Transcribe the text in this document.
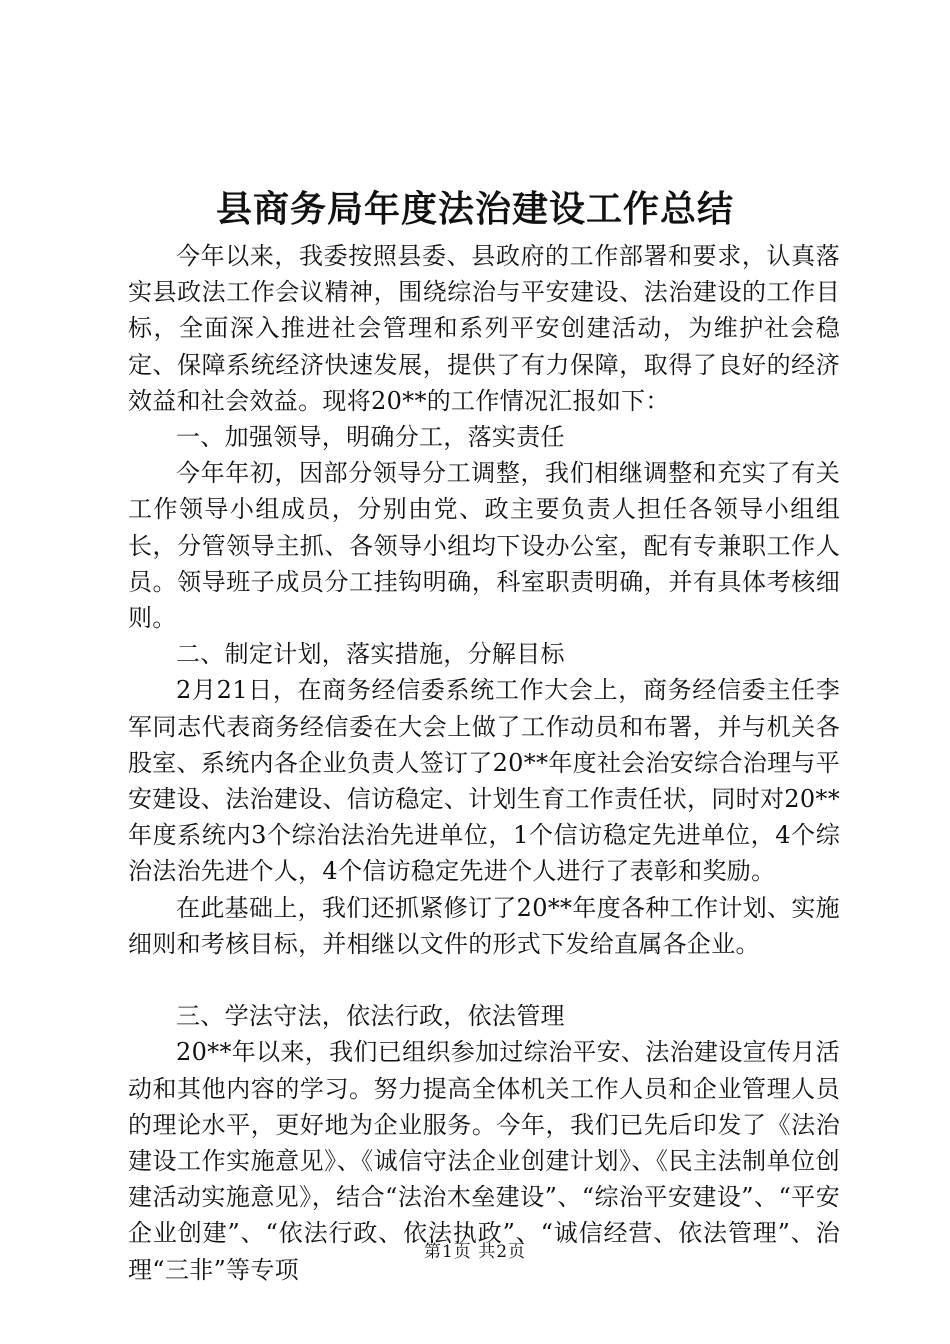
县商务局年度法治建设工作总结

今年以来，我委按照县委、县政府的工作部署和要求，认真落实县政法工作会议精神，围绕综治与平安建设、法治建设的工作目标，全面深入推进社会管理和系列平安创建活动，为维护社会稳定、保障系统经济快速发展，提供了有力保障，取得了良好的经济效益和社会效益。现将20**的工作情况汇报如下：

一、加强领导，明确分工，落实责任

今年年初，因部分领导分工调整，我们相继调整和充实了有关工作领导小组成员，分别由党、政主要负责人担任各领导小组组长，分管领导主抓、各领导小组均下设办公室，配有专兼职工作人员。领导班子成员分工挂钩明确，科室职责明确，并有具体考核细则。

二、制定计划，落实措施，分解目标

2月21日，在商务经信委系统工作大会上，商务经信委主任李军同志代表商务经信委在大会上做了工作动员和布署，并与机关各股室、系统内各企业负责人签订了20**年度社会治安综合治理与平安建设、法治建设、信访稳定、计划生育工作责任状，同时对20**年度系统内3个综治法治先进单位，1个信访稳定先进单位，4个综治法治先进个人，4个信访稳定先进个人进行了表彰和奖励。

在此基础上，我们还抓紧修订了20**年度各种工作计划、实施细则和考核目标，并相继以文件的形式下发给直属各企业。

三、学法守法，依法行政，依法管理

20**年以来，我们已组织参加过综治平安、法治建设宣传月活动和其他内容的学习。努力提高全体机关工作人员和企业管理人员的理论水平，更好地为企业服务。今年，我们已先后印发了《法治建设工作实施意见》、《诚信守法企业创建计划》、《民主法制单位创建活动实施意见》，结合“法治木垒建设”、“综治平安建设”、“平安企业创建”、“依法行政、依法执政”、“诚信经营、依法管理”、治理“三非”等专项

第1页 共2页
